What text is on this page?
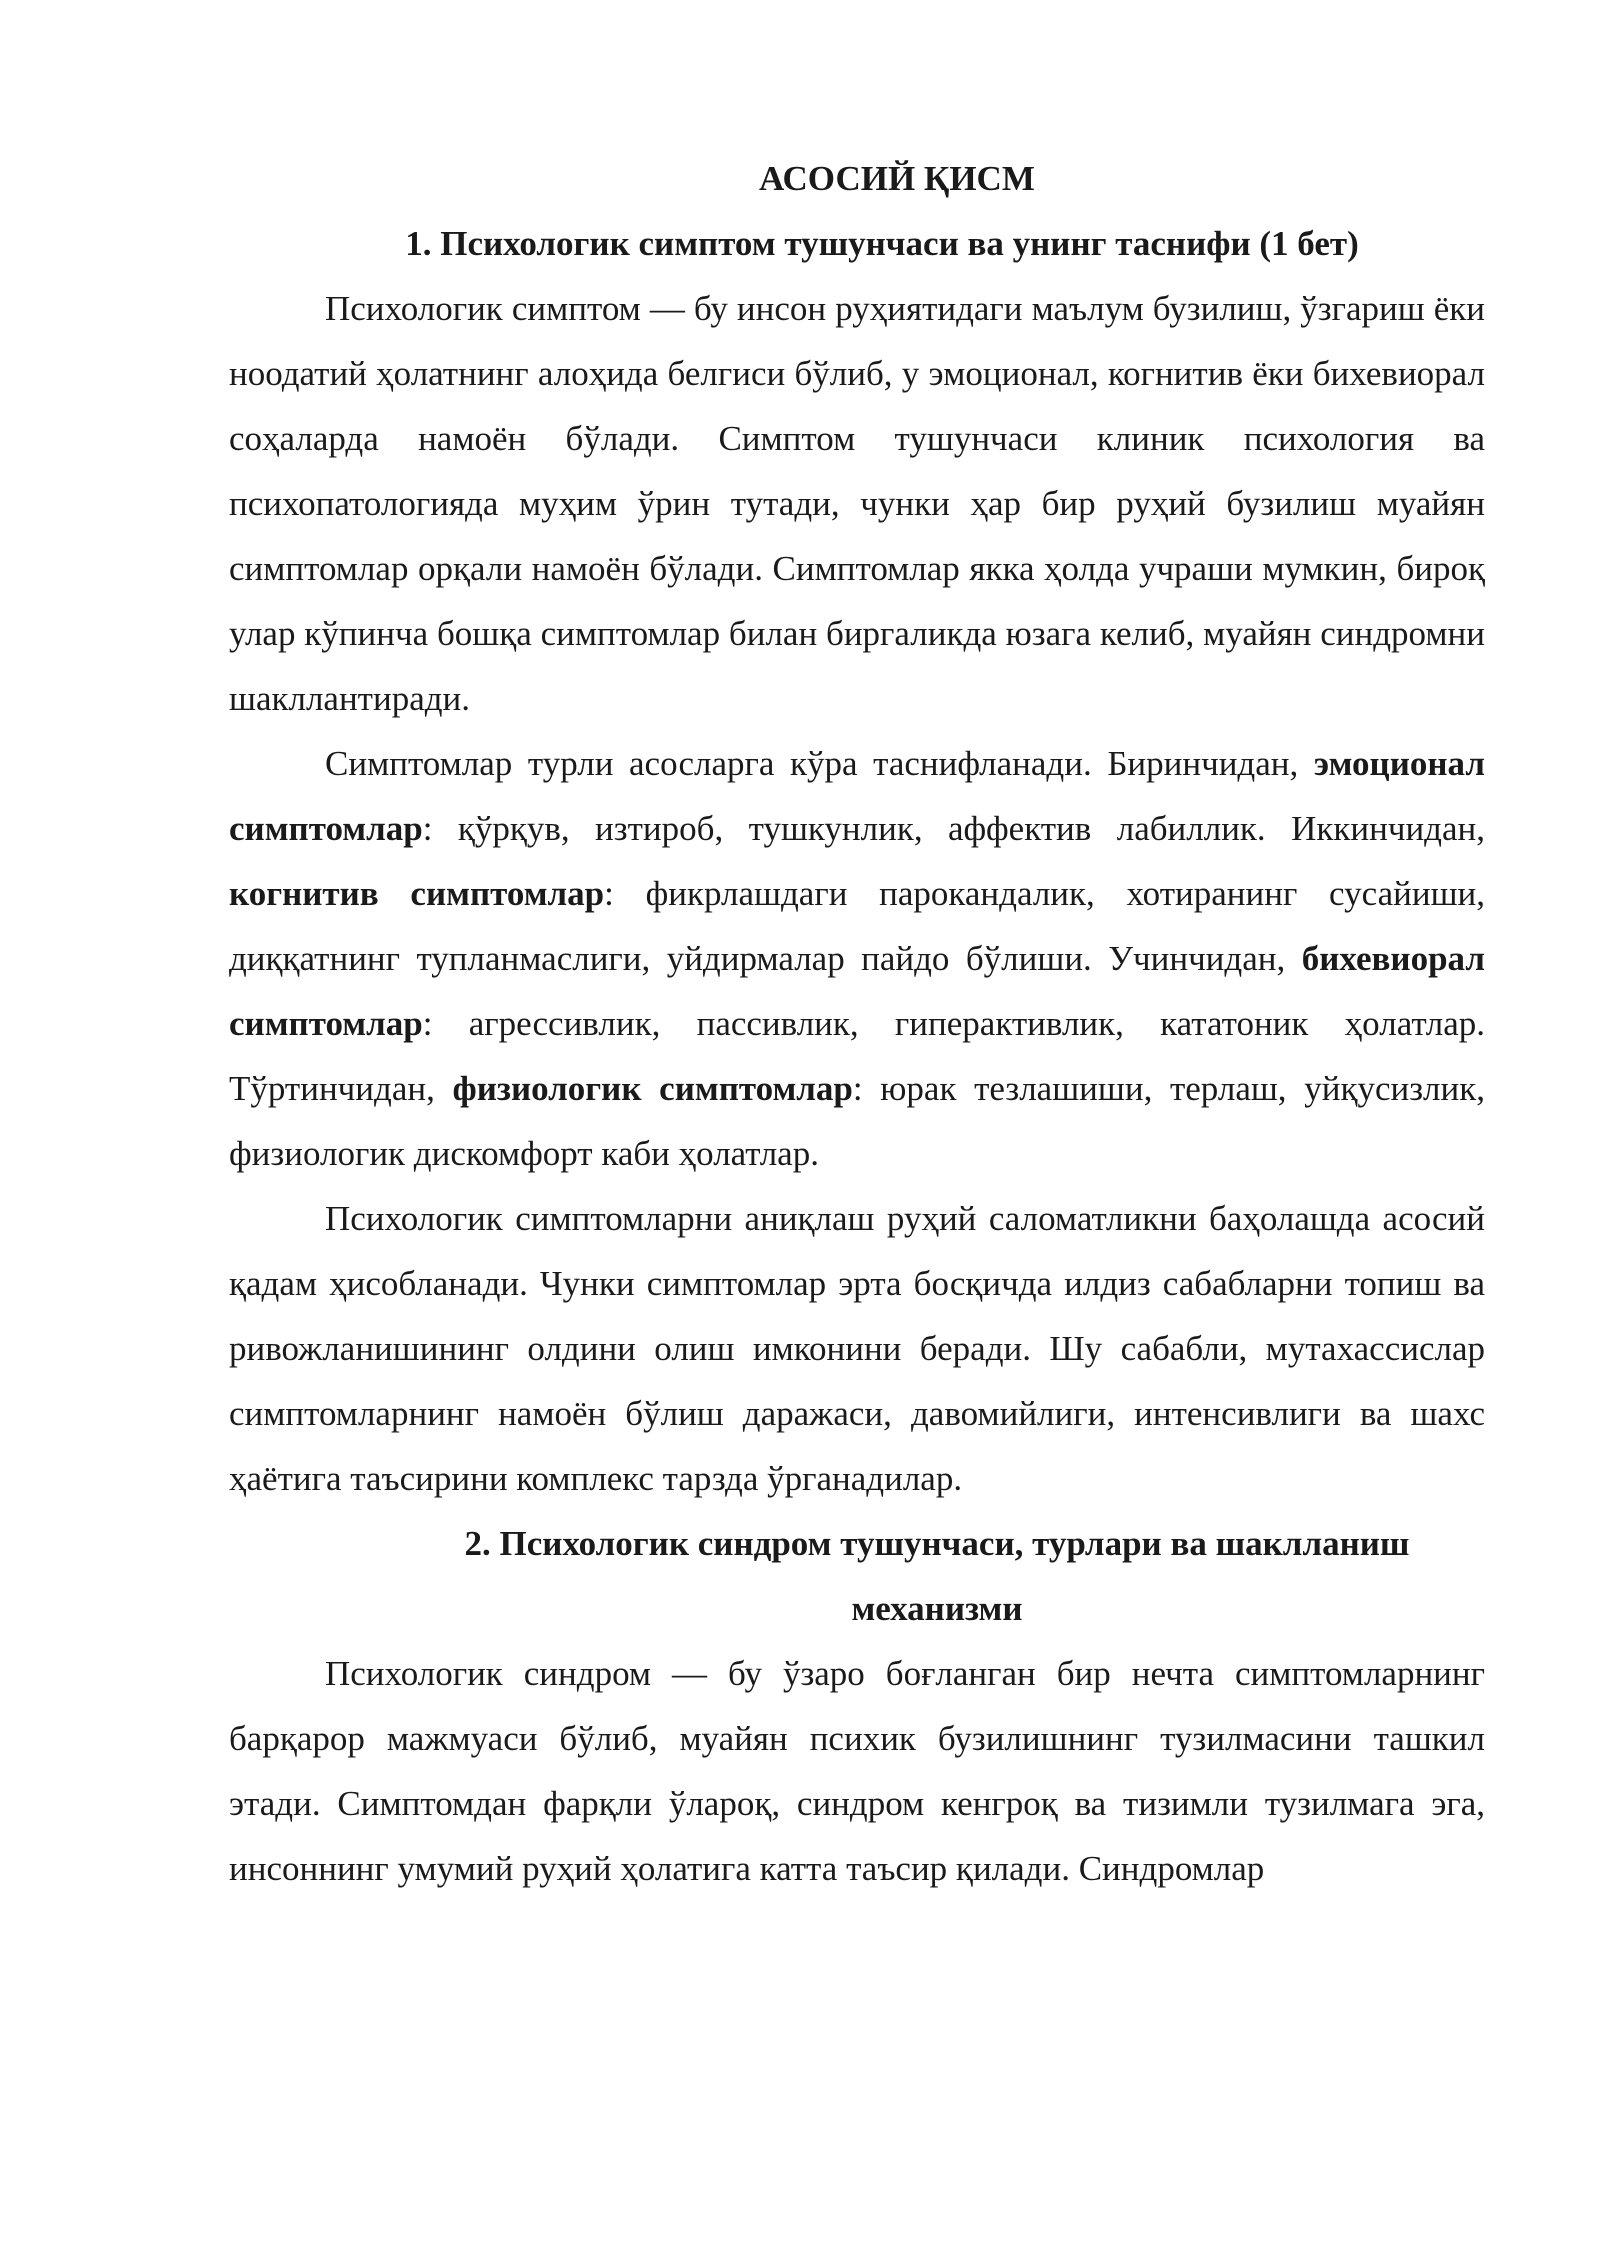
АСОСИЙ ҚИСМ
1. Психологик симптом тушунчаси ва унинг таснифи (1 бет)

Психологик симптом — бу инсон руҳиятидаги маълум бузилиш, ўзгариш ёки ноодатий ҳолатнинг алоҳида белгиси бўлиб, у эмоционал, когнитив ёки бихевиорал соҳаларда намоён бўлади. Симптом тушунчаси клиник психология ва психопатологияда муҳим ўрин тутади, чунки ҳар бир руҳий бузилиш муайян симптомлар орқали намоён бўлади. Симптомлар якка ҳолда учраши мумкин, бироқ улар кўпинча бошқа симптомлар билан биргаликда юзага келиб, муайян синдромни шакллантиради.

Симптомлар турли асосларга кўра таснифланади. Биринчидан, эмоционал симптомлар: қўрқув, изтироб, тушкунлик, аффектив лабиллик. Иккинчидан, когнитив симптомлар: фикрлашдаги парокандалик, хотиранинг сусайиши, диққатнинг тупланмаслиги, уйдирмалар пайдо бўлиши. Учинчидан, бихевиорал симптомлар: агрессивлик, пассивлик, гиперактивлик, кататоник ҳолатлар. Тўртинчидан, физиологик симптомлар: юрак тезлашиши, терлаш, уйқусизлик, физиологик дискомфорт каби ҳолатлар.

Психологик симптомларни аниқлаш руҳий саломатликни баҳолашда асосий қадам ҳисобланади. Чунки симптомлар эрта босқичда илдиз сабабларни топиш ва ривожланишининг олдини олиш имконини беради. Шу сабабли, мутахассислар симптомларнинг намоён бўлиш даражаси, давомийлиги, интенсивлиги ва шахс ҳаётига таъсирини комплекс тарзда ўрганадилар.

2. Психологик синдром тушунчаси, турлари ва шаклланиш механизми

Психологик синдром — бу ўзаро боғланган бир нечта симптомларнинг барқарор мажмуаси бўлиб, муайян психик бузилишнинг тузилмасини ташкил этади. Симптомдан фарқли ўлароқ, синдром кенгроқ ва тизимли тузилмага эга, инсоннинг умумий руҳий ҳолатига катта таъсир қилади. Синдромлар
